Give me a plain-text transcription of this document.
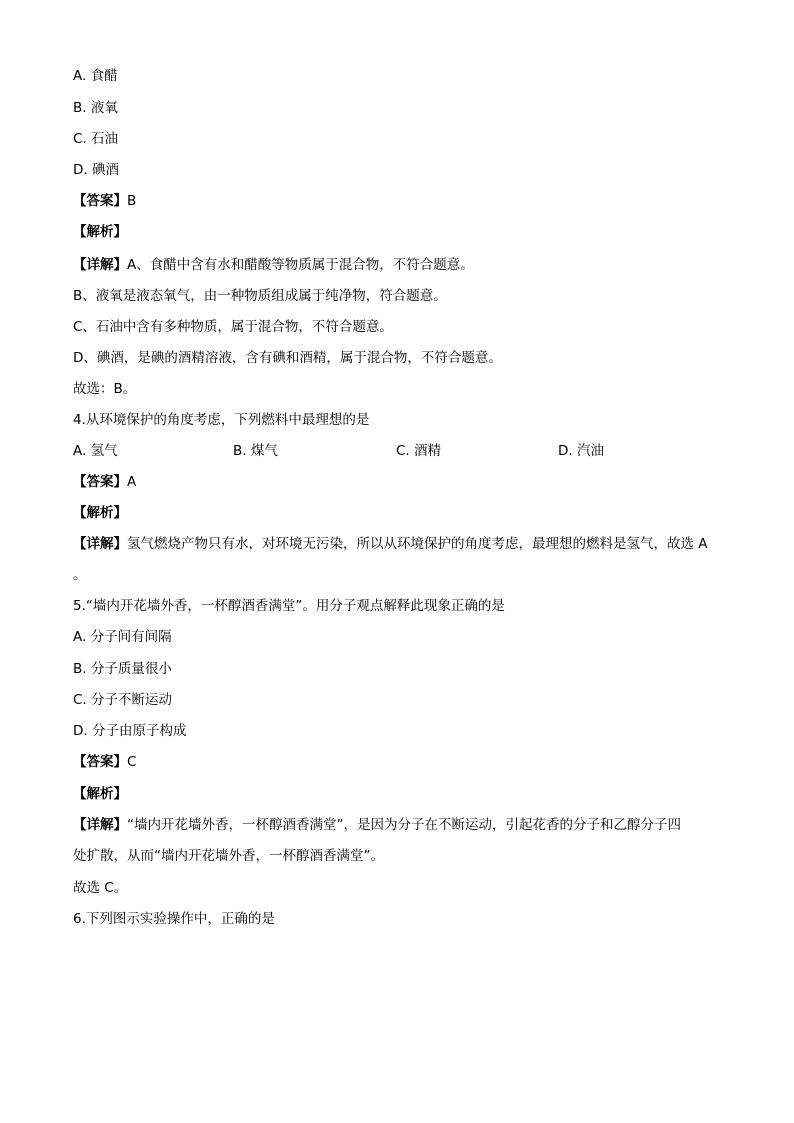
A. 食醋
B. 液氧
C. 石油
D. 碘酒
【答案】B
【解析】
【详解】A、食醋中含有水和醋酸等物质属于混合物，不符合题意。
B、液氧是液态氧气，由一种物质组成属于纯净物，符合题意。
C、石油中含有多种物质，属于混合物，不符合题意。
D、碘酒，是碘的酒精溶液，含有碘和酒精，属于混合物，不符合题意。
故选：B。
4.从环境保护的角度考虑，下列燃料中最理想的是
A. 氢气	B. 煤气	C. 酒精	D. 汽油
【答案】A
【解析】
【详解】氢气燃烧产物只有水，对环境无污染，所以从环境保护的角度考虑，最理想的燃料是氢气，故选 A
。
5.“墙内开花墙外香，一杯醇酒香满堂”。用分子观点解释此现象正确的是
A. 分子间有间隔
B. 分子质量很小
C. 分子不断运动
D. 分子由原子构成
【答案】C
【解析】
【详解】“墙内开花墙外香，一杯醇酒香满堂”，是因为分子在不断运动，引起花香的分子和乙醇分子四
处扩散，从而“墙内开花墙外香，一杯醇酒香满堂”。
故选 C。
6.下列图示实验操作中，正确的是
